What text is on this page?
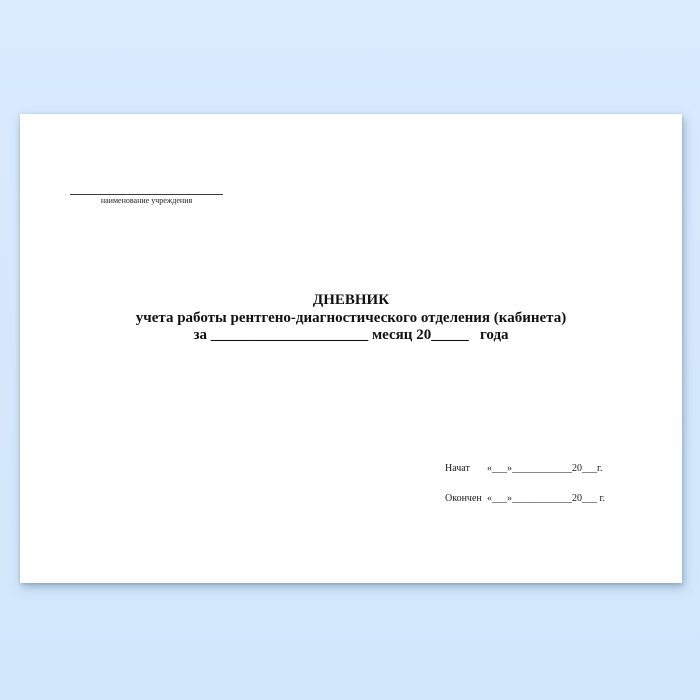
наименование учреждения
ДНЕВНИК
учета работы рентгено-диагностического отделения (кабинета)
за _____________________ месяц 20_____   года
Начат	«___»____________20___г.
Окончен «___»____________20___ г.
